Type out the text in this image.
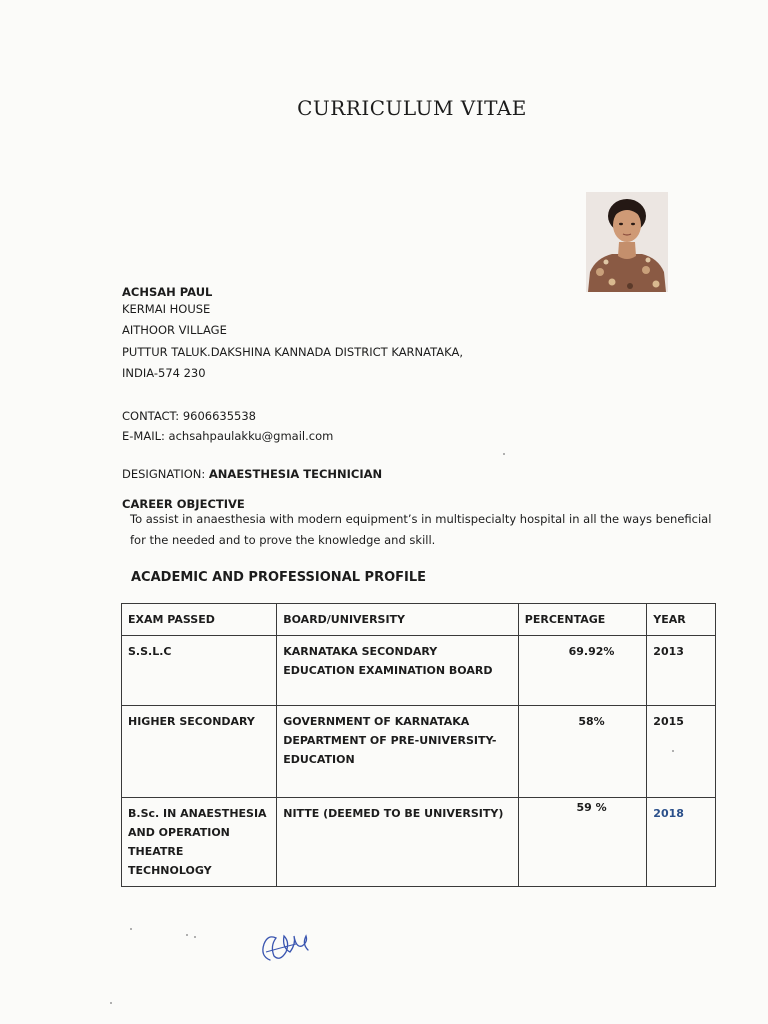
CURRICULUM VITAE
ACHSAH PAUL
KERMAI HOUSE
AITHOOR VILLAGE
PUTTUR TALUK.DAKSHINA KANNADA DISTRICT KARNATAKA,
INDIA-574 230
CONTACT: 9606635538
E-MAIL: achsahpaulakku@gmail.com
DESIGNATION: ANAESTHESIA TECHNICIAN
CAREER OBJECTIVE
To assist in anaesthesia with modern equipment’s in multispecialty hospital in all the ways beneficial for the needed and to prove the knowledge and skill.
ACADEMIC AND PROFESSIONAL PROFILE
EXAM PASSED	BOARD/UNIVERSITY	PERCENTAGE	YEAR
S.S.L.C	KARNATAKA SECONDARY EDUCATION EXAMINATION BOARD	69.92%	2013
HIGHER SECONDARY	GOVERNMENT OF KARNATAKA DEPARTMENT OF PRE-UNIVERSITY-EDUCATION	58%	2015
B.Sc. IN ANAESTHESIA AND OPERATION THEATRE TECHNOLOGY	NITTE (DEEMED TO BE UNIVERSITY)	59 %	2018
